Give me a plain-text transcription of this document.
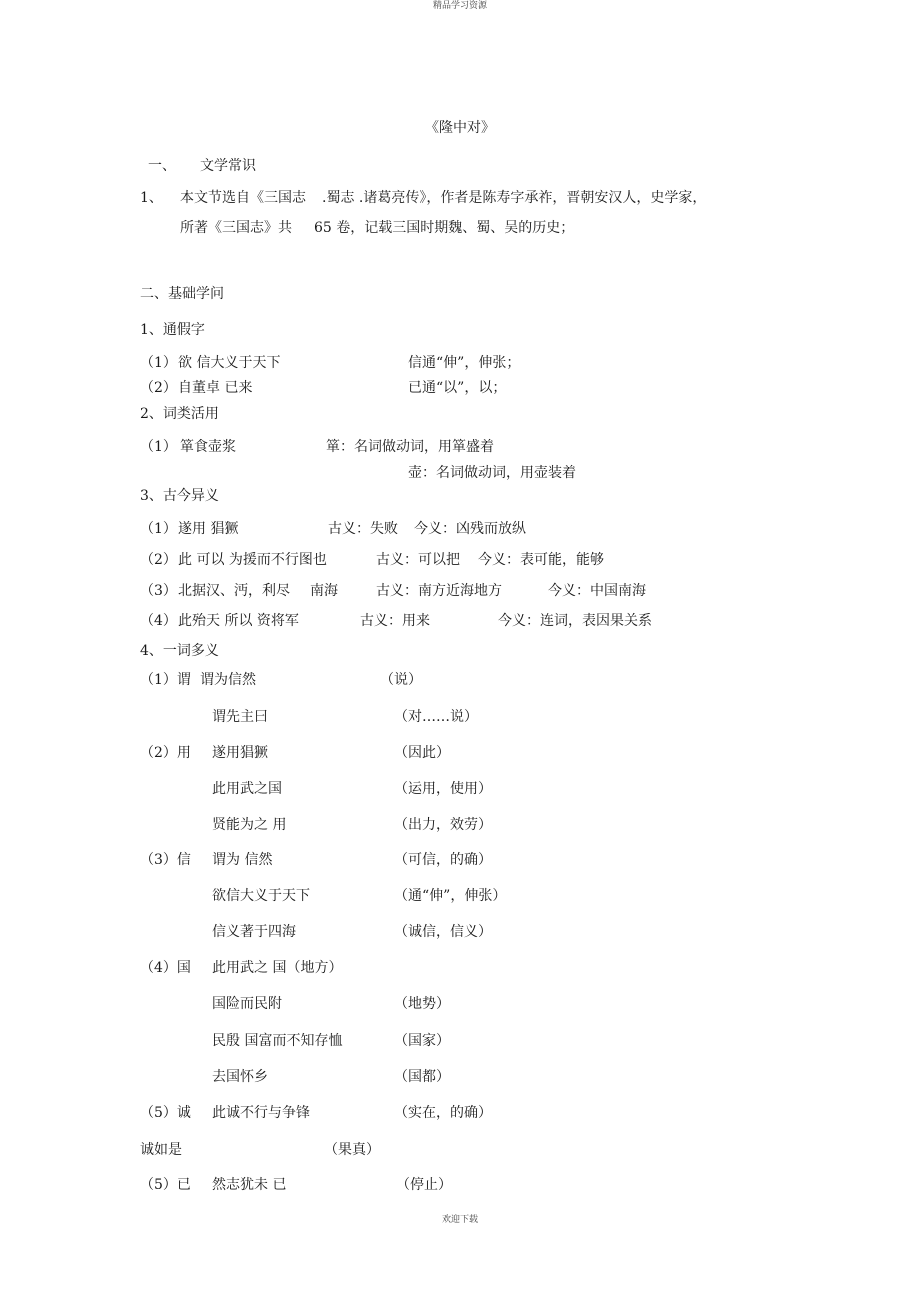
精品学习资源
《隆中对》
一、 文学常识
1、 本文节选自《三国志 .蜀志 .诸葛亮传》，作者是陈寿字承祚，晋朝安汉人，史学家，
所著《三国志》共 65 卷，记载三国时期魏、蜀、吴的历史；
二、基础学问
1、通假字
（1） 欲 信大义于天下	信通“伸”，伸张；
（2） 自董卓 已来	已通“以”，以；
2、词类活用
（1） 箪食壶浆	箪：名词做动词，用箪盛着
壶：名词做动词，用壶装着
3、古今异义
（1） 遂用 猖獗	古义：失败 今义：凶残而放纵
（2） 此 可以 为援而不行图也	古义：可以把 今义：表可能，能够
（3） 北据汉、沔，利尽 南海	古义：南方近海地方	今义：中国南海
（4） 此殆天 所以 资将军	古义：用来	今义：连词，表因果关系
4、一词多义
（1）谓 谓为信然	（说）
谓先主曰	（对……说）
（2）用 遂用猖獗	（因此）
此用武之国	（运用，使用）
贤能为之 用	（出力，效劳）
（3）信 谓为 信然	（可信，的确）
欲信大义于天下	（通“伸”，伸张）
信义著于四海	（诚信，信义）
（4）国 此用武之 国（地方）
国险而民附	（地势）
民殷 国富而不知存恤	（国家）
去国怀乡	（国都）
（5）诚 此诚不行与争锋	（实在，的确）
诚如是	（果真）
（5）已 然志犹未 已	（停止）
欢迎下载
